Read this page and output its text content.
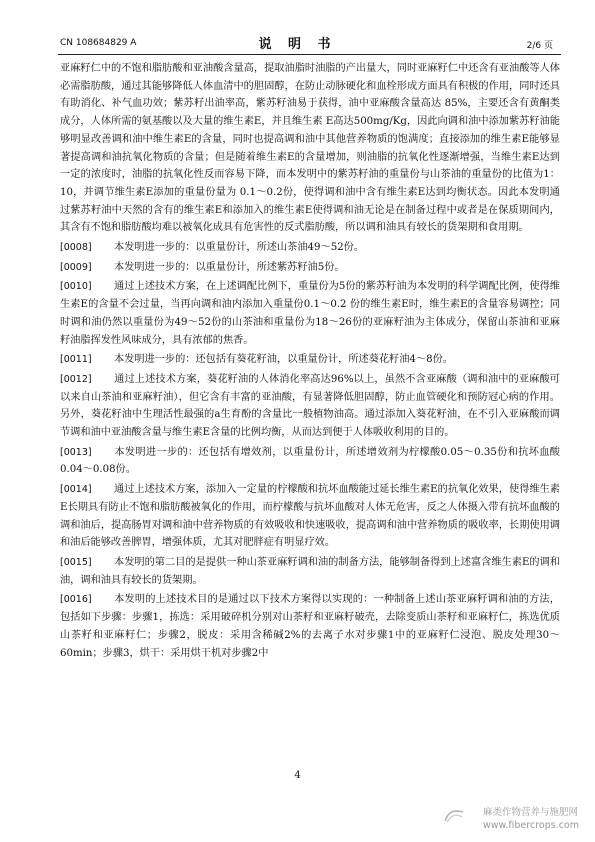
CN 108684829 A	说 明 书	2/6 页

亚麻籽仁中的不饱和脂肪酸和亚油酸含量高，提取油脂时油脂的产出量大，同时亚麻籽仁中还含有亚油酸等人体必需脂肪酸，通过其能够降低人体血清中的胆固醇，在防止动脉硬化和血栓形成方面具有积极的作用，同时还具有助消化、补气血功效；紫苏籽出油率高，紫苏籽油易于获得，油中亚麻酸含量高达 85%，主要还含有黄酮类成分，人体所需的氨基酸以及大量的维生素E，并且维生素 E高达500mg/Kg，因此向调和油中添加紫苏籽油能够明显改善调和油中维生素E的含量，同时也提高调和油中其他营养物质的饱满度；直接添加的维生素E能够显著提高调和油抗氧化物质的含量；但是随着维生素E的含量增加，则油脂的抗氧化性逐渐增强，当维生素E达到一定的浓度时，油脂的抗氧化性反而容易下降，而本发明中的紫苏籽油的重量份与山茶油的重量份的比值为1：10，并调节维生素E添加的重量份量为 0.1～0.2份，使得调和油中含有维生素E达到均衡状态。因此本发明通过紫苏籽油中天然的含有的维生素E和添加入的维生素E使得调和油无论是在制备过程中或者是在保质期间内，其含有不饱和脂肪酸均难以被氧化成具有危害性的反式脂肪酸，所以调和油具有较长的货架期和食用期。

[0008] 本发明进一步的：以重量份计，所述山茶油49～52份。

[0009] 本发明进一步的：以重量份计，所述紫苏籽油5份。

[0010] 通过上述技术方案，在上述调配比例下，重量份为5份的紫苏籽油为本发明的科学调配比例，使得维生素E的含量不会过量，当再向调和油内添加入重量份0.1～0.2 份的维生素E时，维生素E的含量容易调控；同时调和油仍然以重量份为49～52份的山茶油和重量份为18～26份的亚麻籽油为主体成分，保留山茶油和亚麻籽油脂挥发性风味成分，具有浓郁的焦香。

[0011] 本发明进一步的：还包括有葵花籽油，以重量份计，所述葵花籽油4～8份。

[0012] 通过上述技术方案，葵花籽油的人体消化率高达96%以上，虽然不含亚麻酸（调和油中的亚麻酸可以来自山茶油和亚麻籽油），但它含有丰富的亚油酸，有显著降低胆固醇，防止血管硬化和预防冠心病的作用。另外，葵花籽油中生理活性最强的a生育酚的含量比一般植物油高。通过添加入葵花籽油，在不引入亚麻酸而调节调和油中亚油酸含量与维生素E含量的比例均衡，从而达到便于人体吸收利用的目的。

[0013] 本发明进一步的：还包括有增效剂，以重量份计，所述增效剂为柠檬酸0.05～0.35份和抗坏血酸0.04～0.08份。

[0014] 通过上述技术方案，添加入一定量的柠檬酸和抗坏血酸能过延长维生素E的抗氧化效果，使得维生素E长期具有防止不饱和脂肪酸被氧化的作用，而柠檬酸与抗坏血酸对人体无危害，反之人体摄入带有抗坏血酸的调和油后，提高肠胃对调和油中营养物质的有效吸收和快速吸收，提高调和油中营养物质的吸收率，长期使用调和油后能够改善脾胃，增强体质，尤其对肥胖症有明显疗效。

[0015] 本发明的第二目的是提供一种山茶亚麻籽调和油的制备方法，能够制备得到上述富含维生素E的调和油，调和油具有较长的货架期。

[0016] 本发明的上述技术目的是通过以下技术方案得以实现的：一种制备上述山茶亚麻籽调和油的方法，包括如下步骤：步骤1，拣选：采用破碎机分别对山茶籽和亚麻籽破壳，去除变质山茶籽和亚麻籽仁，拣选优质山茶籽和亚麻籽仁；步骤2，脱皮：采用含稀碱2%的去离子水对步骤1中的亚麻籽仁浸泡、脱皮处理30～60min；步骤3，烘干：采用烘干机对步骤2中

4
麻类作物营养与施肥网
www.fibercrops.com
